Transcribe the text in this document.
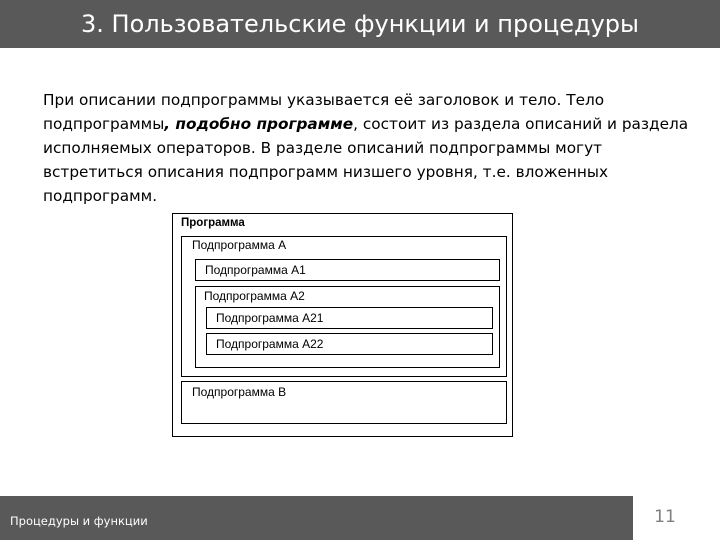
3. Пользовательские функции и процедуры

При описании подпрограммы указывается её заголовок и тело. Тело подпрограммы, подобно программе, состоит из раздела описаний и раздела исполняемых операторов. В разделе описаний подпрограммы могут встретиться описания подпрограмм низшего уровня, т.е. вложенных подпрограмм.

Программа
Подпрограмма А
Подпрограмма А1
Подпрограмма А2
Подпрограмма А21
Подпрограмма А22
Подпрограмма В
Процедуры и функции	11
